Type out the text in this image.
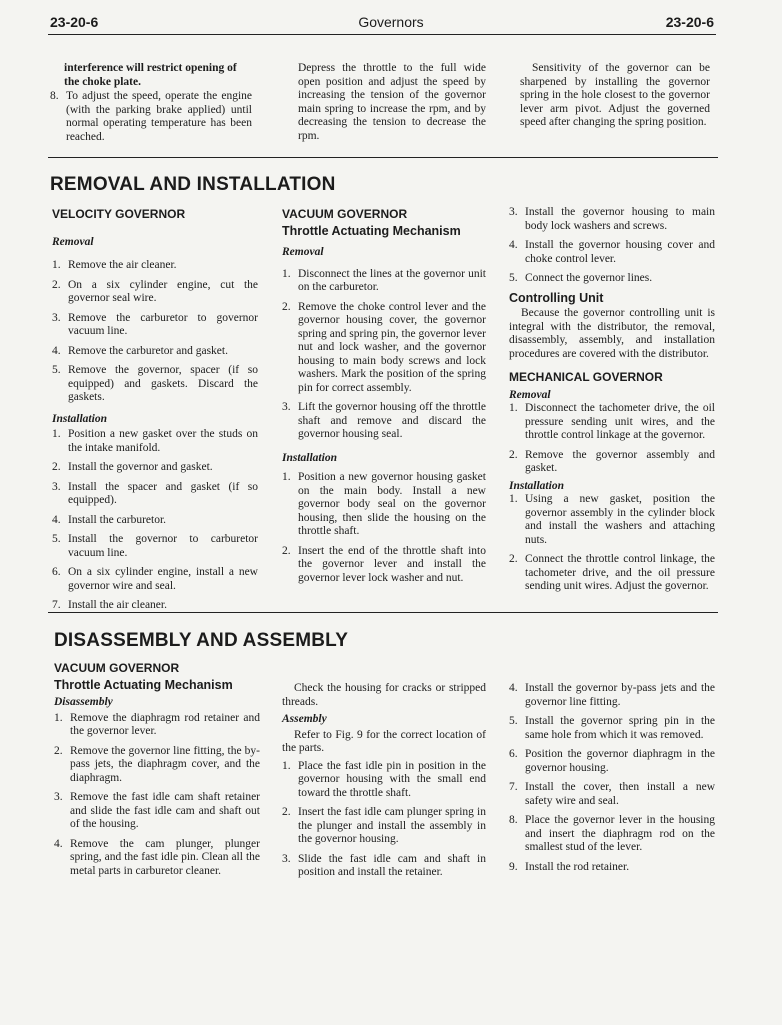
23-20-6	Governors	23-20-6

interference will restrict opening of the choke plate.

8. To adjust the speed, operate the engine (with the parking brake applied) until normal operating temperature has been reached.

Depress the throttle to the full wide open position and adjust the speed by increasing the tension of the governor main spring to increase the rpm, and by decreasing the tension to decrease the rpm.

Sensitivity of the governor can be sharpened by installing the governor spring in the hole closest to the governor lever arm pivot. Adjust the governed speed after changing the spring position.

REMOVAL AND INSTALLATION
VELOCITY GOVERNOR
Removal
1. Remove the air cleaner.
2. On a six cylinder engine, cut the governor seal wire.
3. Remove the carburetor to governor vacuum line.
4. Remove the carburetor and gasket.
5. Remove the governor, spacer (if so equipped) and gaskets. Discard the gaskets.
Installation
1. Position a new gasket over the studs on the intake manifold.
2. Install the governor and gasket.
3. Install the spacer and gasket (if so equipped).
4. Install the carburetor.
5. Install the governor to carburetor vacuum line.
6. On a six cylinder engine, install a new governor wire and seal.
7. Install the air cleaner.
VACUUM GOVERNOR
Throttle Actuating Mechanism
Removal
1. Disconnect the lines at the governor unit on the carburetor.
2. Remove the choke control lever and the governor housing cover, the governor spring and spring pin, the governor lever nut and lock washer, and the governor housing to main body screws and lock washers. Mark the position of the spring pin for correct assembly.
3. Lift the governor housing off the throttle shaft and remove and discard the governor housing seal.
Installation
1. Position a new governor housing gasket on the main body. Install a new governor body seal on the governor housing, then slide the housing on the throttle shaft.
2. Insert the end of the throttle shaft into the governor lever and install the governor lever lock washer and nut.
3. Install the governor housing to main body lock washers and screws.
4. Install the governor housing cover and choke control lever.
5. Connect the governor lines.
Controlling Unit

Because the governor controlling unit is integral with the distributor, the removal, disassembly, assembly, and installation procedures are covered with the distributor.

MECHANICAL GOVERNOR
Removal
1. Disconnect the tachometer drive, the oil pressure sending unit wires, and the throttle control linkage at the governor.
2. Remove the governor assembly and gasket.
Installation
1. Using a new gasket, position the governor assembly in the cylinder block and install the washers and attaching nuts.
2. Connect the throttle control linkage, the tachometer drive, and the oil pressure sending unit wires. Adjust the governor.
DISASSEMBLY AND ASSEMBLY
VACUUM GOVERNOR
Throttle Actuating Mechanism
Disassembly
1. Remove the diaphragm rod retainer and the governor lever.
2. Remove the governor line fitting, the by-pass jets, the diaphragm cover, and the diaphragm.
3. Remove the fast idle cam shaft retainer and slide the fast idle cam and shaft out of the housing.
4. Remove the cam plunger, plunger spring, and the fast idle pin. Clean all the metal parts in carburetor cleaner.

Check the housing for cracks or stripped threads.

Assembly

Refer to Fig. 9 for the correct location of the parts.

1. Place the fast idle pin in position in the governor housing with the small end toward the throttle shaft.
2. Insert the fast idle cam plunger spring in the plunger and install the assembly in the governor housing.
3. Slide the fast idle cam and shaft in position and install the retainer.
4. Install the governor by-pass jets and the governor line fitting.
5. Install the governor spring pin in the same hole from which it was removed.
6. Position the governor diaphragm in the governor housing.
7. Install the cover, then install a new safety wire and seal.
8. Place the governor lever in the housing and insert the diaphragm rod on the smallest stud of the lever.
9. Install the rod retainer.
